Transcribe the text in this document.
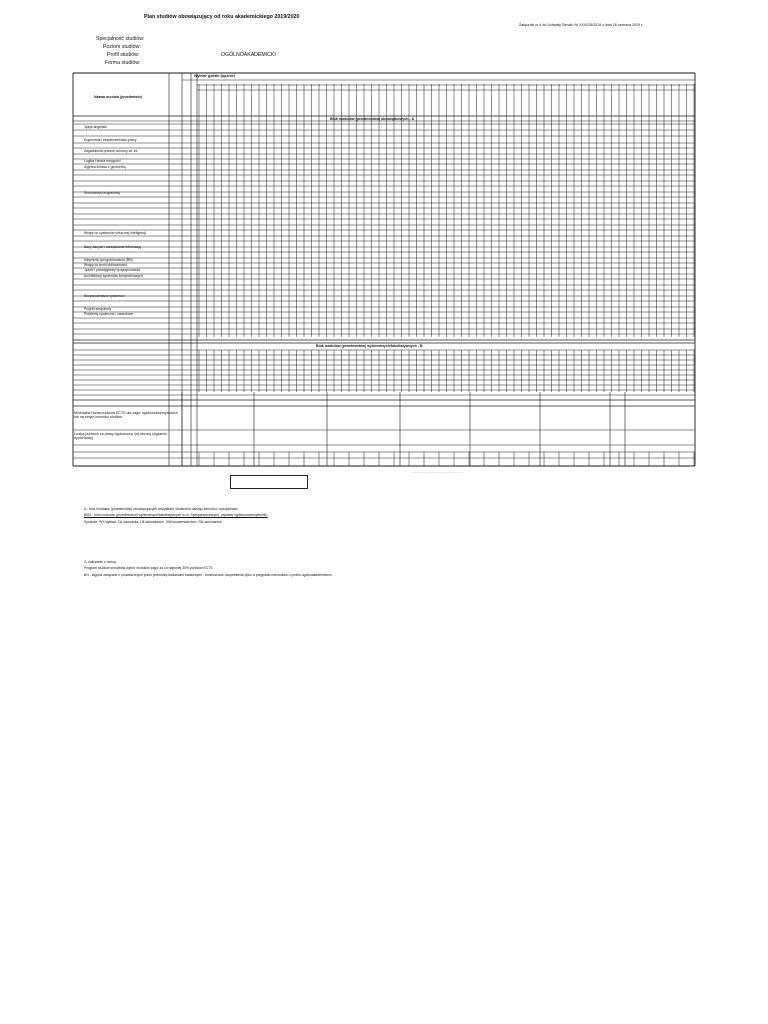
Plan studiów obowiązujący od roku akademickiego 2019/2020
Załącznik nr 4 do Uchwały Senatu Nr XXIV/28/2019 z dnia 26 czerwca 2019 r.
Specjalność studiów:
Poziom studiów:
Profil studiów:	OGÓLNOAKADEMICKI
Forma studiów:
Nazwa modułu (przedmiotu)
Wymiar godzin (łącznie)
Blok modułów (przedmiotów) obowiązkowych - A
Blok modułów (przedmiotów) wybieralnych/fakultatywnych - B
Język angielski
Ergonomia i bezpieczeństwo pracy
Zagadnienia prawne ochrony wł. int.
Logika i teoria mnogości
Algebra liniowa z geometrią
Środowiska programisty
Wstęp do systemów sztucznej inteligencji
Bazy danych i zarządzanie informacją
Inżynieria oprogramowania (BN)
Wstęp do teorii obliczalności
Języki i paradygmaty programowania
Architektury systemów komputerowych
Bezpieczeństwo systemów
Projekt zespołowy
Problemy społeczne i zawodowe
Minimalna liczba punktów ECTS dla zajęć ogólnouniwersyteckich lub na innym kierunku studiów
Liczba punktów za pracę dyplomową i jej obronę (egzamin dyplomowy)
......................................................
A - blok modułów (przedmiotów) obowiązujących wszystkich studentów danego kierunku i specjalności
B/B1 - blok modułów (przedmiotów) wybieralnych/fakultatywnych m.in. Specjalnościowych, wykłady ogólnouniwersyteckie)
Symbole: WY-wykład, CA-ćwiczenia, LB-laboratorium, KW-konwersatorium, SM-seminarium
Z- zaliczenie z oceną
Program studiów umożliwia wybór modułów zajęć za co najmniej 30% punktów ECTS
BN - zajęcia związane z prowadzonymi przez jednostkę badaniami naukowymi - konieczność uzupełnienia tylko w przypadku kierunków o profilu ogólnoakademickim
